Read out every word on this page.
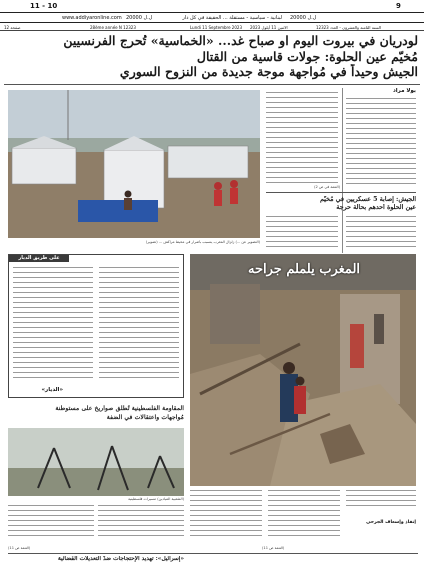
11 - 10	9
www.addiyaronline.com 20000 ل.ل	لبنانية - سياسية - مستقلة ... الحقيقة في كل دار 20000 ل.ل
12 صفحة	28ème année N 12323	Lundi 11 Septembre 2023 الاثنين 11 أيلول 2023	السنة الثامنة والعشرون - العدد 12323
لودريان في بيروت اليوم او صباح غد... «الخماسية» تُحرج الفرنسيين
مُخيّم عين الحلوة: جولات قاسية من القتال
الجيش وحيداً في مُواجهة موجة جديدة من النزوح السوري
(التصوير عن ...) زلزال المغرب يتسبب بأضرار في محيط مراكش ... (تصوير)
بولا مراد
(التتمة في ص 2)
الجيش: إصابة 5 عسكريين في مُخيّم
عين الحلوة أحدهم بحالة حرجة
على طريق الديار
«الديار»
المغرب يلملم جراحه
المقاومة الفلسطينية تُطلق صواريخ على مستوطنة
مُواجهات واعتقالات في الضفة
(الشعبية الميادين) مسيرات فلسطينية
(التتمة ص 11)
إنقاذ وإسعاف الجرحى
(التتمة ص 11)
«إسرائيل»: تهديد الإحتجاجات ضدّ التعديلات القضائية
